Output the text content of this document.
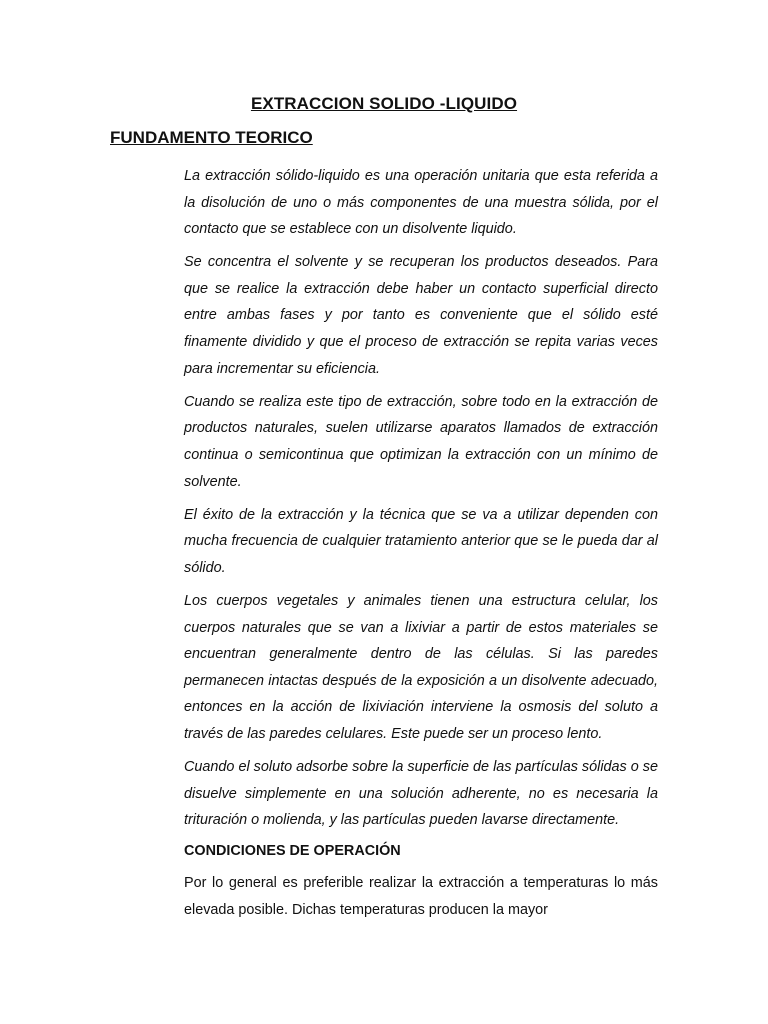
EXTRACCION SOLIDO -LIQUIDO
FUNDAMENTO TEORICO

La extracción sólido-liquido es una operación unitaria que esta referida a la disolución de uno o más componentes de una muestra sólida, por el contacto que se establece con un disolvente liquido.

Se concentra el solvente y se recuperan los productos deseados. Para que se realice la extracción debe haber un contacto superficial directo entre ambas fases y por tanto es conveniente que el sólido esté finamente dividido y que el proceso de extracción se repita varias veces para incrementar su eficiencia.

Cuando se realiza este tipo de extracción, sobre todo en la extracción de productos naturales, suelen utilizarse aparatos llamados de extracción continua o semicontinua que optimizan la extracción con un mínimo de solvente.

El éxito de la extracción y la técnica que se va a utilizar dependen con mucha frecuencia de cualquier tratamiento anterior que se le pueda dar al sólido.

Los cuerpos vegetales y animales tienen una estructura celular, los cuerpos naturales que se van a lixiviar a partir de estos materiales se encuentran generalmente dentro de las células. Si las paredes permanecen intactas después de la exposición a un disolvente adecuado, entonces en la acción de lixiviación interviene la osmosis del soluto a través de las paredes celulares. Este puede ser un proceso lento.

Cuando el soluto adsorbe sobre la superficie de las partículas sólidas o se disuelve simplemente en una solución adherente, no es necesaria la trituración o molienda, y las partículas pueden lavarse directamente.

CONDICIONES DE OPERACIÓN

Por lo general es preferible realizar la extracción a temperaturas lo más elevada posible. Dichas temperaturas producen la mayor
